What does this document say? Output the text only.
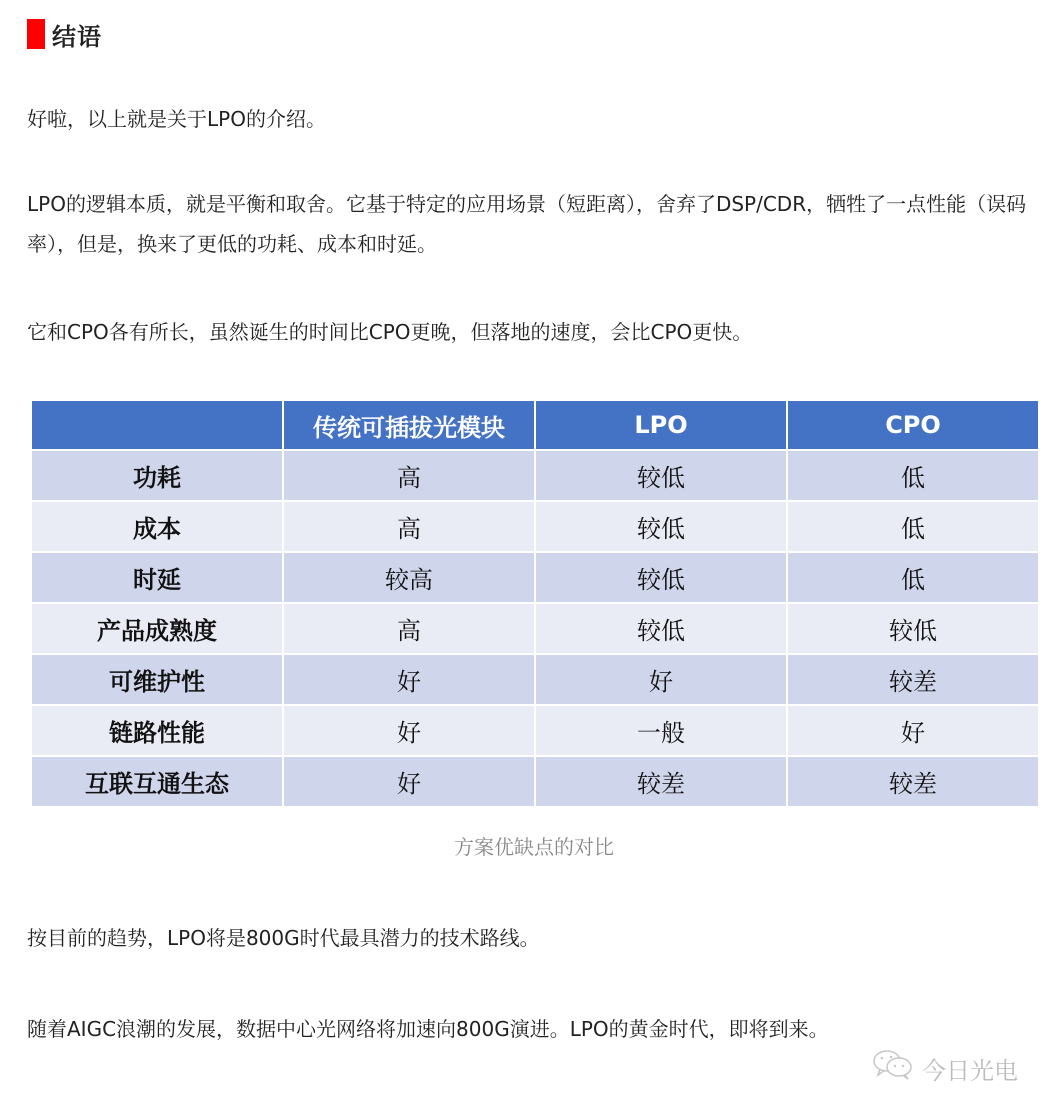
结语

好啦，以上就是关于LPO的介绍。

LPO的逻辑本质，就是平衡和取舍。它基于特定的应用场景（短距离），舍弃了DSP/CDR，牺牲了一点性能（误码率），但是，换来了更低的功耗、成本和时延。

它和CPO各有所长，虽然诞生的时间比CPO更晚，但落地的速度，会比CPO更快。

	传统可插拔光模块	LPO	CPO
功耗	高	较低	低
成本	高	较低	低
时延	较高	较低	低
产品成熟度	高	较低	较低
可维护性	好	好	较差
链路性能	好	一般	好
互联互通生态	好	较差	较差
方案优缺点的对比

按目前的趋势，LPO将是800G时代最具潜力的技术路线。

随着AIGC浪潮的发展，数据中心光网络将加速向800G演进。LPO的黄金时代，即将到来。

今日光电
